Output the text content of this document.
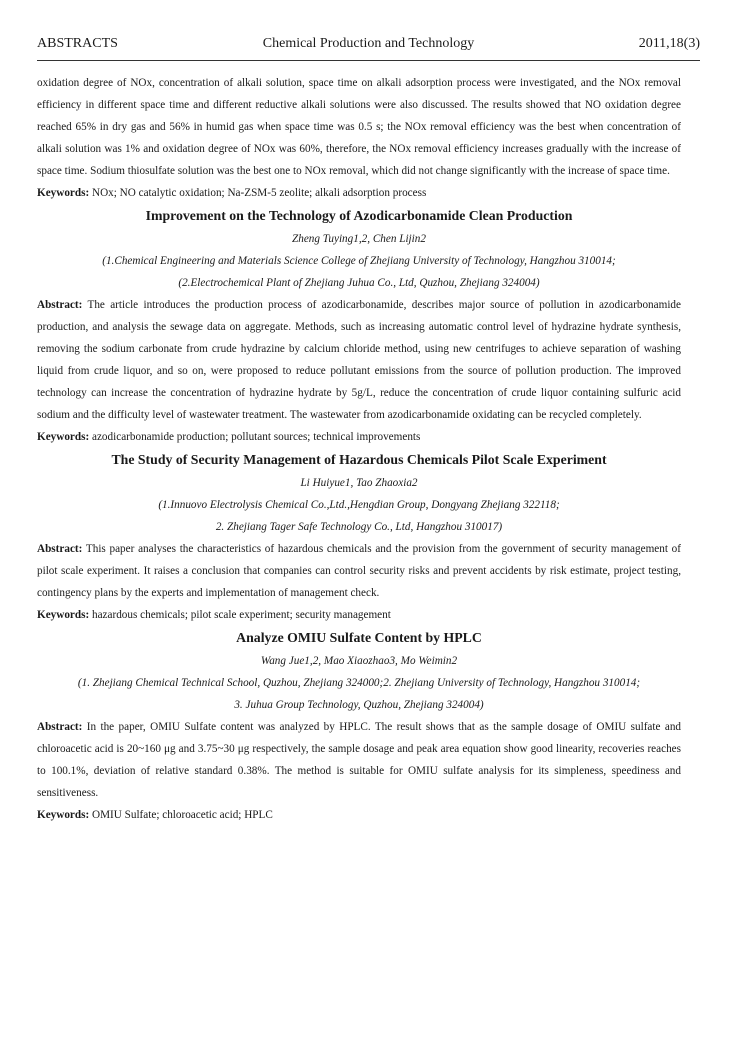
ABSTRACTS	Chemical Production and Technology	2011,18(3)

oxidation degree of NOx, concentration of alkali solution, space time on alkali adsorption process were investigated, and the NOx removal efficiency in different space time and different reductive alkali solutions were also discussed. The results showed that NO oxidation degree reached 65% in dry gas and 56% in humid gas when space time was 0.5 s; the NOx removal efficiency was the best when concentration of alkali solution was 1% and oxidation degree of NOx was 60%, therefore, the NOx removal efficiency increases gradually with the increase of space time. Sodium thiosulfate solution was the best one to NOx removal, which did not change significantly with the increase of space time.

Keywords: NOx; NO catalytic oxidation; Na-ZSM-5 zeolite; alkali adsorption process

Improvement on the Technology of Azodicarbonamide Clean Production

Zheng Tuying1,2, Chen Lijin2

(1.Chemical Engineering and Materials Science College of Zhejiang University of Technology, Hangzhou 310014;

(2.Electrochemical Plant of Zhejiang Juhua Co., Ltd, Quzhou, Zhejiang 324004)

Abstract: The article introduces the production process of azodicarbonamide, describes major source of pollution in azodicarbonamide production, and analysis the sewage data on aggregate. Methods, such as increasing automatic control level of hydrazine hydrate synthesis, removing the sodium carbonate from crude hydrazine by calcium chloride method, using new centrifuges to achieve separation of washing liquid from crude liquor, and so on, were proposed to reduce pollutant emissions from the source of pollution production. The improved technology can increase the concentration of hydrazine hydrate by 5g/L, reduce the concentration of crude liquor containing sulfuric acid sodium and the difficulty level of wastewater treatment. The wastewater from azodicarbonamide oxidating can be recycled completely.

Keywords: azodicarbonamide production; pollutant sources; technical improvements

The Study of Security Management of Hazardous Chemicals Pilot Scale Experiment

Li Huiyue1, Tao Zhaoxia2

(1.Innuovo Electrolysis Chemical Co.,Ltd.,Hengdian Group, Dongyang Zhejiang 322118;

2. Zhejiang Tager Safe Technology Co., Ltd, Hangzhou 310017)

Abstract: This paper analyses the characteristics of hazardous chemicals and the provision from the government of security management of pilot scale experiment. It raises a conclusion that companies can control security risks and prevent accidents by risk estimate, project testing, contingency plans by the experts and implementation of management check.

Keywords: hazardous chemicals; pilot scale experiment; security management

Analyze OMIU Sulfate Content by HPLC

Wang Jue1,2, Mao Xiaozhao3, Mo Weimin2

(1. Zhejiang Chemical Technical School, Quzhou, Zhejiang 324000;2. Zhejiang University of Technology, Hangzhou 310014;

3. Juhua Group Technology, Quzhou, Zhejiang 324004)

Abstract: In the paper, OMIU Sulfate content was analyzed by HPLC. The result shows that as the sample dosage of OMIU sulfate and chloroacetic acid is 20~160 μg and 3.75~30 μg respectively, the sample dosage and peak area equation show good linearity, recoveries reaches to 100.1%, deviation of relative standard 0.38%. The method is suitable for OMIU sulfate analysis for its simpleness, speediness and sensitiveness.

Keywords: OMIU Sulfate; chloroacetic acid; HPLC
